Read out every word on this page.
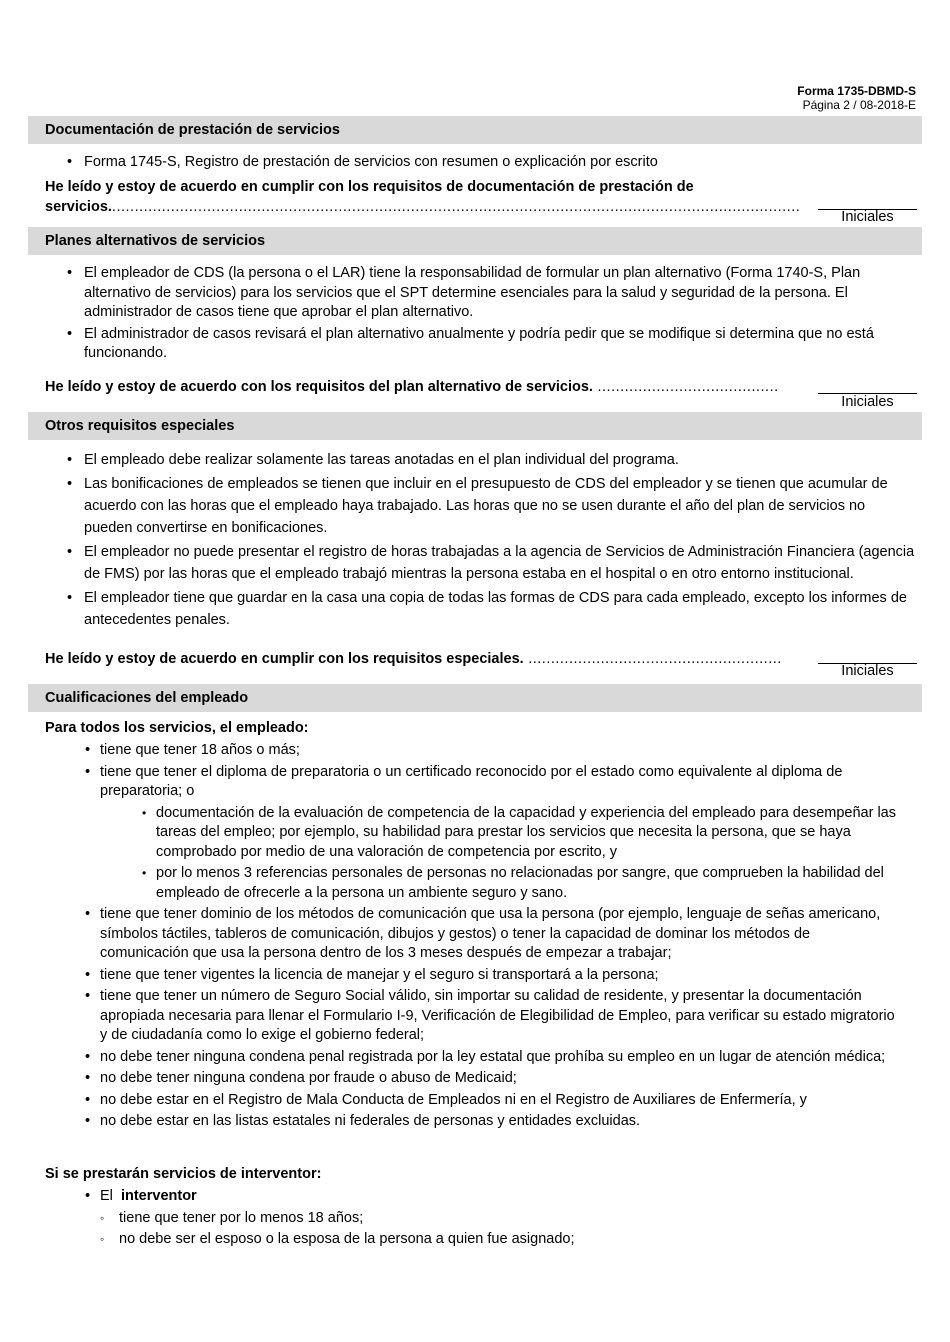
Forma 1735-DBMD-S
Página 2 / 08-2018-E
Documentación de prestación de servicios
• Forma 1745-S, Registro de prestación de servicios con resumen o explicación por escrito
He leído y estoy de acuerdo en cumplir con los requisitos de documentación de prestación de
servicios.........................................................................................................................................................
Iniciales
Planes alternativos de servicios
• El empleador de CDS (la persona o el LAR) tiene la responsabilidad de formular un plan alternativo (Forma 1740-S, Plan alternativo de servicios) para los servicios que el SPT determine esenciales para la salud y seguridad de la persona. El administrador de casos tiene que aprobar el plan alternativo.
• El administrador de casos revisará el plan alternativo anualmente y podría pedir que se modifique si determina que no está funcionando.
He leído y estoy de acuerdo con los requisitos del plan alternativo de servicios. ........................................
Iniciales
Otros requisitos especiales
• El empleado debe realizar solamente las tareas anotadas en el plan individual del programa.
• Las bonificaciones de empleados se tienen que incluir en el presupuesto de CDS del empleador y se tienen que acumular de acuerdo con las horas que el empleado haya trabajado. Las horas que no se usen durante el año del plan de servicios no pueden convertirse en bonificaciones.
• El empleador no puede presentar el registro de horas trabajadas a la agencia de Servicios de Administración Financiera (agencia de FMS) por las horas que el empleado trabajó mientras la persona estaba en el hospital o en otro entorno institucional.
• El empleador tiene que guardar en la casa una copia de todas las formas de CDS para cada empleado, excepto los informes de antecedentes penales.
He leído y estoy de acuerdo en cumplir con los requisitos especiales. ........................................................
Iniciales
Cualificaciones del empleado
Para todos los servicios, el empleado:
• tiene que tener 18 años o más;
• tiene que tener el diploma de preparatoria o un certificado reconocido por el estado como equivalente al diploma de preparatoria; o
• documentación de la evaluación de competencia de la capacidad y experiencia del empleado para desempeñar las tareas del empleo; por ejemplo, su habilidad para prestar los servicios que necesita la persona, que se haya comprobado por medio de una valoración de competencia por escrito, y
• por lo menos 3 referencias personales de personas no relacionadas por sangre, que comprueben la habilidad del empleado de ofrecerle a la persona un ambiente seguro y sano.
• tiene que tener dominio de los métodos de comunicación que usa la persona (por ejemplo, lenguaje de señas americano, símbolos táctiles, tableros de comunicación, dibujos y gestos) o tener la capacidad de dominar los métodos de comunicación que usa la persona dentro de los 3 meses después de empezar a trabajar;
• tiene que tener vigentes la licencia de manejar y el seguro si transportará a la persona;
• tiene que tener un número de Seguro Social válido, sin importar su calidad de residente, y presentar la documentación apropiada necesaria para llenar el Formulario I-9, Verificación de Elegibilidad de Empleo, para verificar su estado migratorio y de ciudadanía como lo exige el gobierno federal;
• no debe tener ninguna condena penal registrada por la ley estatal que prohíba su empleo en un lugar de atención médica;
• no debe tener ninguna condena por fraude o abuso de Medicaid;
• no debe estar en el Registro de Mala Conducta de Empleados ni en el Registro de Auxiliares de Enfermería, y
• no debe estar en las listas estatales ni federales de personas y entidades excluidas.
Si se prestarán servicios de interventor:
• El interventor
◦ tiene que tener por lo menos 18 años;
◦ no debe ser el esposo o la esposa de la persona a quien fue asignado;
